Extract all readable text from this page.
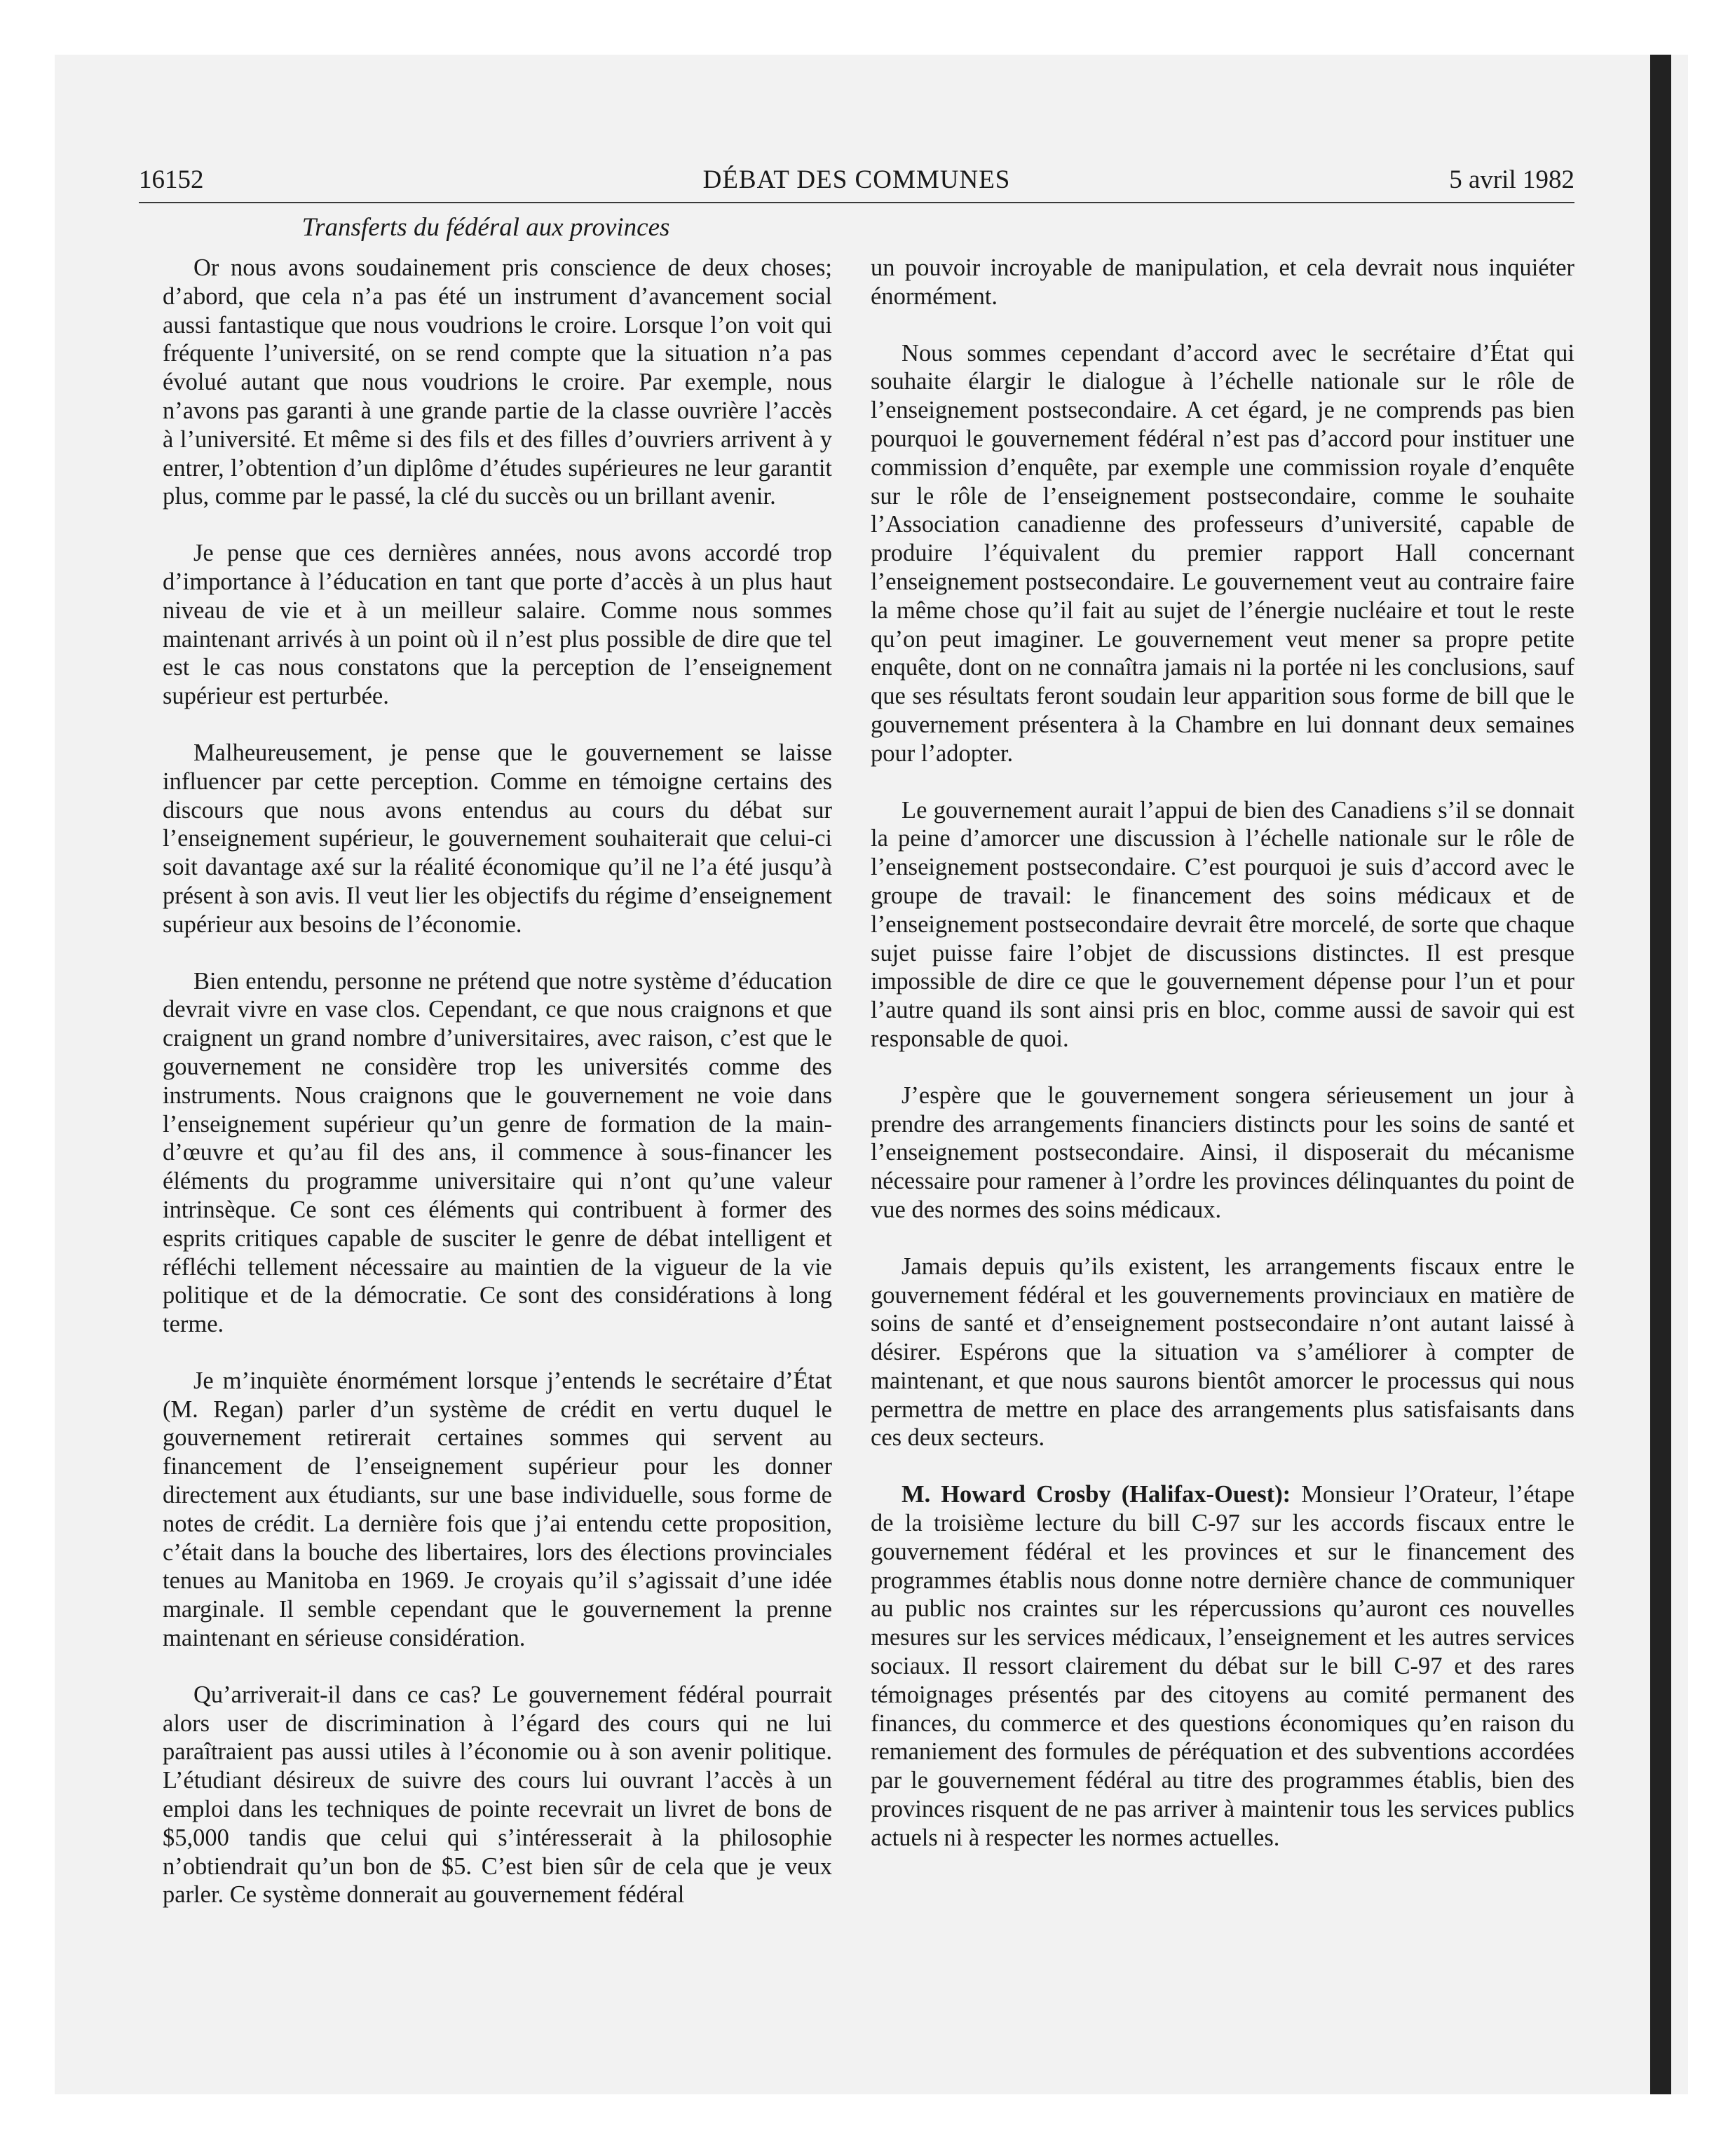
16152	DÉBAT DES COMMUNES	5 avril 1982
Transferts du fédéral aux provinces

Or nous avons soudainement pris conscience de deux choses; d’abord, que cela n’a pas été un instrument d’avancement social aussi fantastique que nous voudrions le croire. Lorsque l’on voit qui fréquente l’université, on se rend compte que la situation n’a pas évolué autant que nous voudrions le croire. Par exemple, nous n’avons pas garanti à une grande partie de la classe ouvrière l’accès à l’université. Et même si des fils et des filles d’ouvriers arrivent à y entrer, l’obtention d’un diplôme d’études supérieures ne leur garantit plus, comme par le passé, la clé du succès ou un brillant avenir.

Je pense que ces dernières années, nous avons accordé trop d’importance à l’éducation en tant que porte d’accès à un plus haut niveau de vie et à un meilleur salaire. Comme nous sommes maintenant arrivés à un point où il n’est plus possible de dire que tel est le cas nous constatons que la perception de l’enseignement supérieur est perturbée.

Malheureusement, je pense que le gouvernement se laisse influencer par cette perception. Comme en témoigne certains des discours que nous avons entendus au cours du débat sur l’enseignement supérieur, le gouvernement souhaiterait que celui-ci soit davantage axé sur la réalité économique qu’il ne l’a été jusqu’à présent à son avis. Il veut lier les objectifs du régime d’enseignement supérieur aux besoins de l’économie.

Bien entendu, personne ne prétend que notre système d’éducation devrait vivre en vase clos. Cependant, ce que nous craignons et que craignent un grand nombre d’universitaires, avec raison, c’est que le gouvernement ne considère trop les universités comme des instruments. Nous craignons que le gouvernement ne voie dans l’enseignement supérieur qu’un genre de formation de la main-d’œuvre et qu’au fil des ans, il commence à sous-financer les éléments du programme universitaire qui n’ont qu’une valeur intrinsèque. Ce sont ces éléments qui contribuent à former des esprits critiques capable de susciter le genre de débat intelligent et réfléchi tellement nécessaire au maintien de la vigueur de la vie politique et de la démocratie. Ce sont des considérations à long terme.

Je m’inquiète énormément lorsque j’entends le secrétaire d’État (M. Regan) parler d’un système de crédit en vertu duquel le gouvernement retirerait certaines sommes qui servent au financement de l’enseignement supérieur pour les donner directement aux étudiants, sur une base individuelle, sous forme de notes de crédit. La dernière fois que j’ai entendu cette proposition, c’était dans la bouche des libertaires, lors des élections provinciales tenues au Manitoba en 1969. Je croyais qu’il s’agissait d’une idée marginale. Il semble cependant que le gouvernement la prenne maintenant en sérieuse considération.

Qu’arriverait-il dans ce cas? Le gouvernement fédéral pourrait alors user de discrimination à l’égard des cours qui ne lui paraîtraient pas aussi utiles à l’économie ou à son avenir politique. L’étudiant désireux de suivre des cours lui ouvrant l’accès à un emploi dans les techniques de pointe recevrait un livret de bons de $5,000 tandis que celui qui s’intéresserait à la philosophie n’obtiendrait qu’un bon de $5. C’est bien sûr de cela que je veux parler. Ce système donnerait au gouvernement fédéral

un pouvoir incroyable de manipulation, et cela devrait nous inquiéter énormément.

Nous sommes cependant d’accord avec le secrétaire d’État qui souhaite élargir le dialogue à l’échelle nationale sur le rôle de l’enseignement postsecondaire. A cet égard, je ne comprends pas bien pourquoi le gouvernement fédéral n’est pas d’accord pour instituer une commission d’enquête, par exemple une commission royale d’enquête sur le rôle de l’enseignement postsecondaire, comme le souhaite l’Association canadienne des professeurs d’université, capable de produire l’équivalent du premier rapport Hall concernant l’enseignement postsecondaire. Le gouvernement veut au contraire faire la même chose qu’il fait au sujet de l’énergie nucléaire et tout le reste qu’on peut imaginer. Le gouvernement veut mener sa propre petite enquête, dont on ne connaîtra jamais ni la portée ni les conclusions, sauf que ses résultats feront soudain leur apparition sous forme de bill que le gouvernement présentera à la Chambre en lui donnant deux semaines pour l’adopter.

Le gouvernement aurait l’appui de bien des Canadiens s’il se donnait la peine d’amorcer une discussion à l’échelle nationale sur le rôle de l’enseignement postsecondaire. C’est pourquoi je suis d’accord avec le groupe de travail: le financement des soins médicaux et de l’enseignement postsecondaire devrait être morcelé, de sorte que chaque sujet puisse faire l’objet de discussions distinctes. Il est presque impossible de dire ce que le gouvernement dépense pour l’un et pour l’autre quand ils sont ainsi pris en bloc, comme aussi de savoir qui est responsable de quoi.

J’espère que le gouvernement songera sérieusement un jour à prendre des arrangements financiers distincts pour les soins de santé et l’enseignement postsecondaire. Ainsi, il disposerait du mécanisme nécessaire pour ramener à l’ordre les provinces délinquantes du point de vue des normes des soins médicaux.

Jamais depuis qu’ils existent, les arrangements fiscaux entre le gouvernement fédéral et les gouvernements provinciaux en matière de soins de santé et d’enseignement postsecondaire n’ont autant laissé à désirer. Espérons que la situation va s’améliorer à compter de maintenant, et que nous saurons bientôt amorcer le processus qui nous permettra de mettre en place des arrangements plus satisfaisants dans ces deux secteurs.

M. Howard Crosby (Halifax-Ouest): Monsieur l’Orateur, l’étape de la troisième lecture du bill C-97 sur les accords fiscaux entre le gouvernement fédéral et les provinces et sur le financement des programmes établis nous donne notre dernière chance de communiquer au public nos craintes sur les répercussions qu’auront ces nouvelles mesures sur les services médicaux, l’enseignement et les autres services sociaux. Il ressort clairement du débat sur le bill C-97 et des rares témoignages présentés par des citoyens au comité permanent des finances, du commerce et des questions économiques qu’en raison du remaniement des formules de péréquation et des subventions accordées par le gouvernement fédéral au titre des programmes établis, bien des provinces risquent de ne pas arriver à maintenir tous les services publics actuels ni à respecter les normes actuelles.
